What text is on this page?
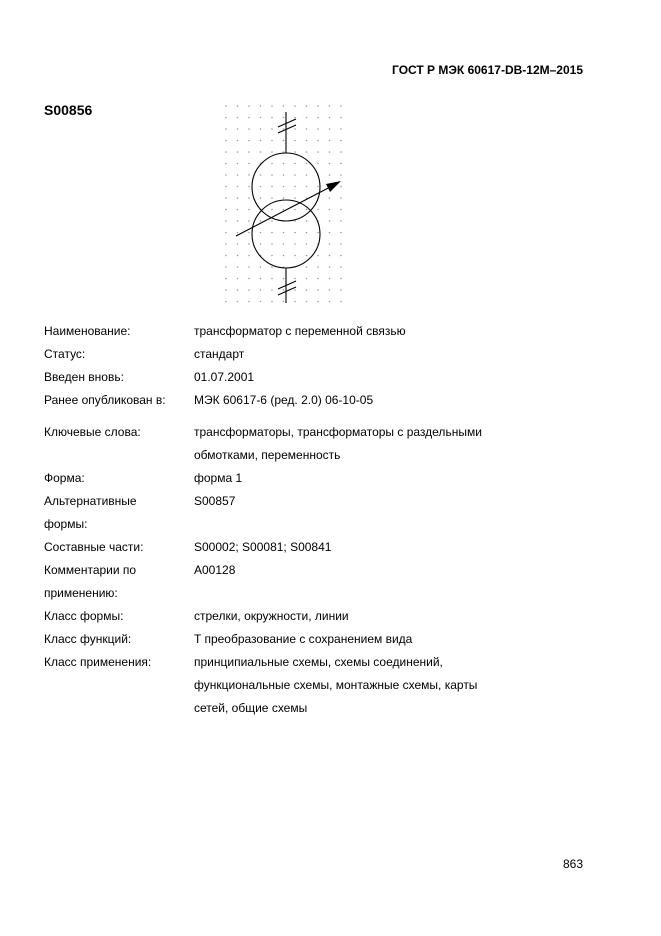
ГОСТ Р МЭК 60617-DB-12M–2015
S00856
Наименование:	трансформатор с переменной связью
Статус:	стандарт
Введен вновь:	01.07.2001
Ранее опубликован в:	МЭК 60617-6 (ред. 2.0) 06-10-05
Ключевые слова:	трансформаторы, трансформаторы с раздельными
обмотками, переменность
Форма:	форма 1
Альтернативные	S00857
формы:
Составные части:	S00002; S00081; S00841
Комментарии по	A00128
применению:
Класс формы:	стрелки, окружности, линии
Класс функций:	T преобразование с сохранением вида
Класс применения:	принципиальные схемы, схемы соединений,
функциональные схемы, монтажные схемы, карты
сетей, общие схемы
863
